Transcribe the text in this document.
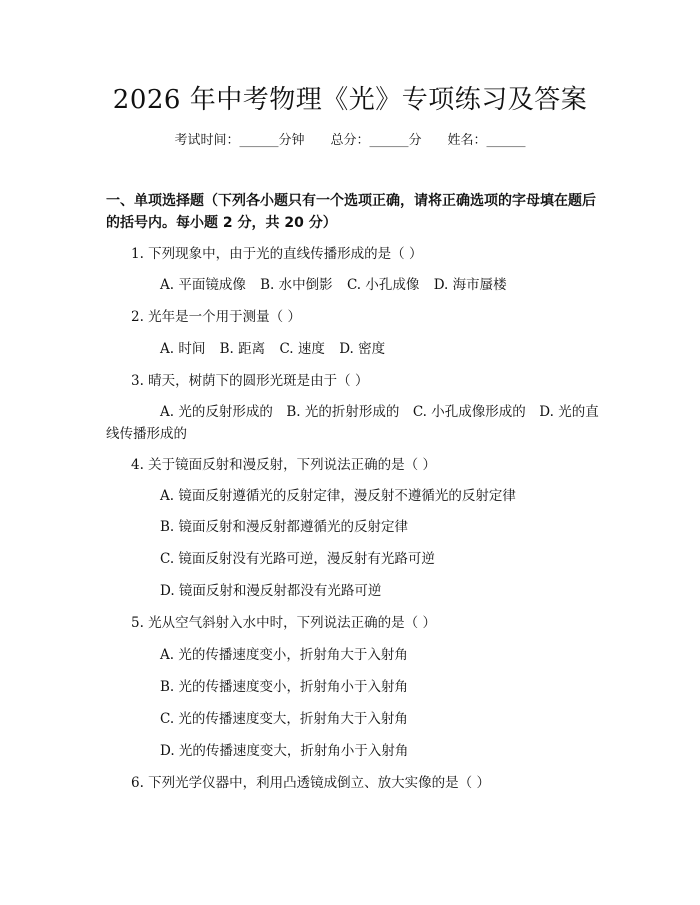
2026 年中考物理《光》专项练习及答案
考试时间：______分钟 总分：______分 姓名：______
一、单项选择题（下列各小题只有一个选项正确，请将正确选项的字母填在题后的括号内。每小题 2 分，共 20 分）
1. 下列现象中，由于光的直线传播形成的是（ ）
A. 平面镜成像 B. 水中倒影 C. 小孔成像 D. 海市蜃楼
2. 光年是一个用于测量（ ）
A. 时间 B. 距离 C. 速度 D. 密度
3. 晴天，树荫下的圆形光斑是由于（ ）
A. 光的反射形成的　B. 光的折射形成的　C. 小孔成像形成的　D. 光的直线传播形成的
4. 关于镜面反射和漫反射，下列说法正确的是（ ）
A. 镜面反射遵循光的反射定律，漫反射不遵循光的反射定律
B. 镜面反射和漫反射都遵循光的反射定律
C. 镜面反射没有光路可逆，漫反射有光路可逆
D. 镜面反射和漫反射都没有光路可逆
5. 光从空气斜射入水中时，下列说法正确的是（ ）
A. 光的传播速度变小，折射角大于入射角
B. 光的传播速度变小，折射角小于入射角
C. 光的传播速度变大，折射角大于入射角
D. 光的传播速度变大，折射角小于入射角
6. 下列光学仪器中，利用凸透镜成倒立、放大实像的是（ ）
